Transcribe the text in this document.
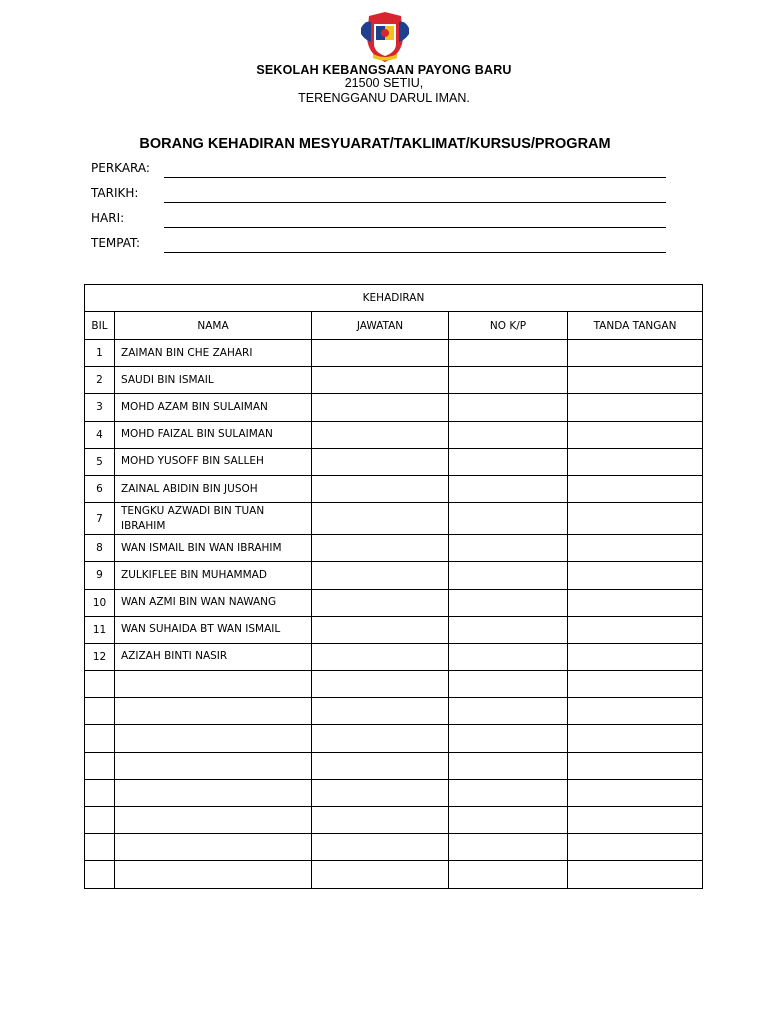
SEKOLAH KEBANGSAAN PAYONG BARU
21500 SETIU,
TERENGGANU DARUL IMAN.
BORANG KEHADIRAN MESYUARAT/TAKLIMAT/KURSUS/PROGRAM
PERKARA:
TARIKH:
HARI:
TEMPAT:
KEHADIRAN				
BIL	NAMA	JAWATAN	NO K/P	TANDA TANGAN
1	ZAIMAN BIN CHE ZAHARI			
2	SAUDI BIN ISMAIL			
3	MOHD AZAM BIN SULAIMAN			
4	MOHD FAIZAL BIN SULAIMAN			
5	MOHD YUSOFF BIN SALLEH			
6	ZAINAL ABIDIN BIN JUSOH			
7	TENGKU AZWADI BIN TUAN IBRAHIM			
8	WAN ISMAIL BIN WAN IBRAHIM			
9	ZULKIFLEE BIN MUHAMMAD			
10	WAN AZMI BIN WAN NAWANG			
11	WAN SUHAIDA BT WAN ISMAIL			
12	AZIZAH BINTI NASIR			
